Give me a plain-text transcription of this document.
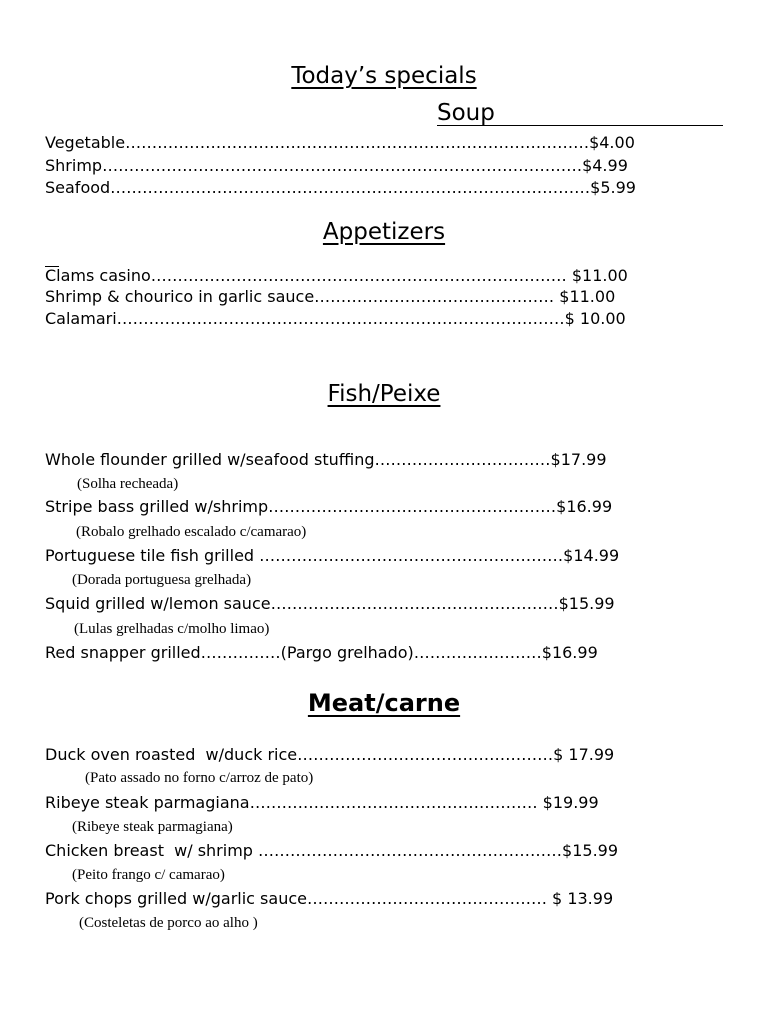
Today’s specials
Soup
Vegetable……………………………………………………………………………$4.00
Shrimp………………………………………………………………………………$4.99
Seafood………………………………………………………………………………$5.99
Appetizers
Clams casino…………………………………………………………………… $11.00
Shrimp & chourico in garlic sauce……………………………………… $11.00
Calamari…………………………………………………………………………$ 10.00
Fish/Peixe
Whole flounder grilled w/seafood stuffing……………………………$17.99
(Solha recheada)
Stripe bass grilled w/shrimp………………………………………………$16.99
(Robalo grelhado escalado c/camarao)
Portuguese tile fish grilled …………………………………………………$14.99
(Dorada portuguesa grelhada)
Squid grilled w/lemon sauce………………………………………………$15.99
(Lulas grelhadas c/molho limao)
Red snapper grilled……………(Pargo grelhado)……………………$16.99
Meat/carne
Duck oven roasted  w/duck rice…………………………………………$ 17.99
(Pato assado no forno c/arroz de pato)
Ribeye steak parmagiana……………………………………………… $19.99
(Ribeye steak parmagiana)
Chicken breast  w/ shrimp …………………………………………………$15.99
(Peito frango c/ camarao)
Pork chops grilled w/garlic sauce……………………………………… $ 13.99
(Costeletas de porco ao alho )
